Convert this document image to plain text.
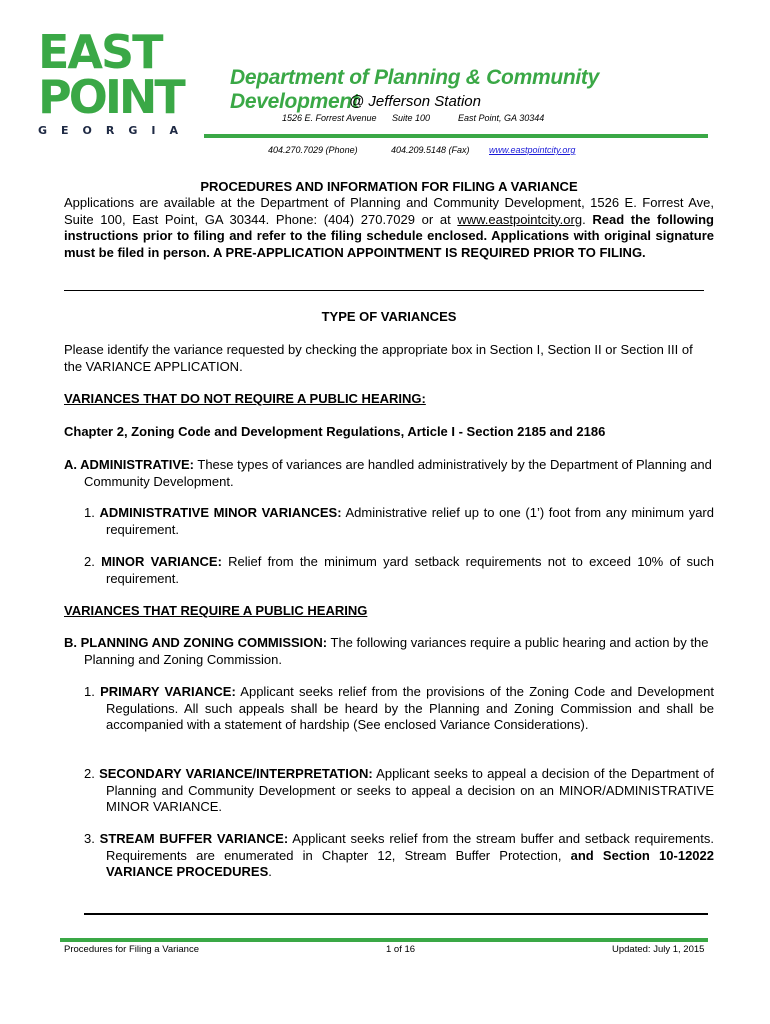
EAST
POINT
GEORGIA
Department of Planning & Community Development
@ Jefferson Station
1526 E. Forrest Avenue Suite 100	East Point, GA 30344
404.270.7029 (Phone)	404.209.5148 (Fax) www.eastpointcity.org
PROCEDURES AND INFORMATION FOR FILING A VARIANCE
Applications are available at the Department of Planning and Community Development, 1526 E. Forrest Ave, Suite 100, East Point, GA 30344. Phone: (404) 270.7029 or at www.eastpointcity.org. Read the following instructions prior to filing and refer to the filing schedule enclosed. Applications with original signature must be filed in person. A PRE-APPLICATION APPOINTMENT IS REQUIRED PRIOR TO FILING.
TYPE OF VARIANCES
Please identify the variance requested by checking the appropriate box in Section I, Section II or Section III of the VARIANCE APPLICATION.
VARIANCES THAT DO NOT REQUIRE A PUBLIC HEARING:
Chapter 2, Zoning Code and Development Regulations, Article I - Section 2185 and 2186
A. ADMINISTRATIVE: These types of variances are handled administratively by the Department of Planning and Community Development.
1. ADMINISTRATIVE MINOR VARIANCES: Administrative relief up to one (1’) foot from any minimum yard requirement.
2. MINOR VARIANCE: Relief from the minimum yard setback requirements not to exceed 10% of such requirement.
VARIANCES THAT REQUIRE A PUBLIC HEARING
B. PLANNING AND ZONING COMMISSION: The following variances require a public hearing and action by the Planning and Zoning Commission.
1. PRIMARY VARIANCE: Applicant seeks relief from the provisions of the Zoning Code and Development Regulations. All such appeals shall be heard by the Planning and Zoning Commission and shall be accompanied with a statement of hardship (See enclosed Variance Considerations).
2. SECONDARY VARIANCE/INTERPRETATION: Applicant seeks to appeal a decision of the Department of Planning and Community Development or seeks to appeal a decision on an MINOR/ADMINISTRATIVE MINOR VARIANCE.
3. STREAM BUFFER VARIANCE: Applicant seeks relief from the stream buffer and setback requirements. Requirements are enumerated in Chapter 12, Stream Buffer Protection, and Section 10-12022 VARIANCE PROCEDURES.
Procedures for Filing a Variance	1 of 16	Updated: July 1, 2015
